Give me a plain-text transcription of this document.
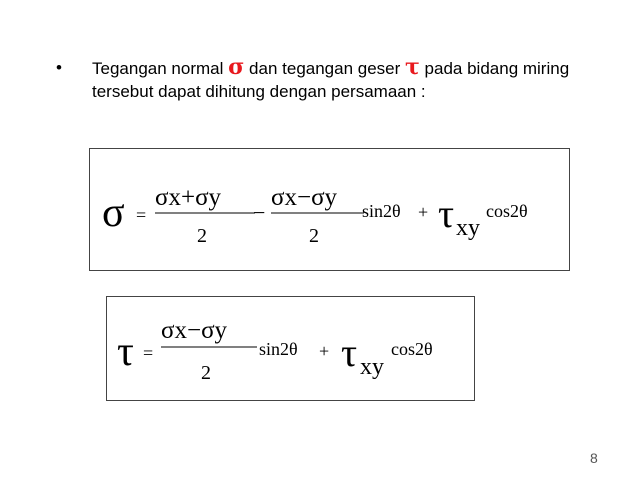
• Tegangan normal σ dan tegangan geser τ pada bidang miring tersebut dapat dihitung dengan persamaan :
σ =
σx+σy
2
−
σx−σy
2
sin2θ + τ xy
cos2θ
τ =
σx−σy
2
sin2θ + τ xy
cos2θ
8
